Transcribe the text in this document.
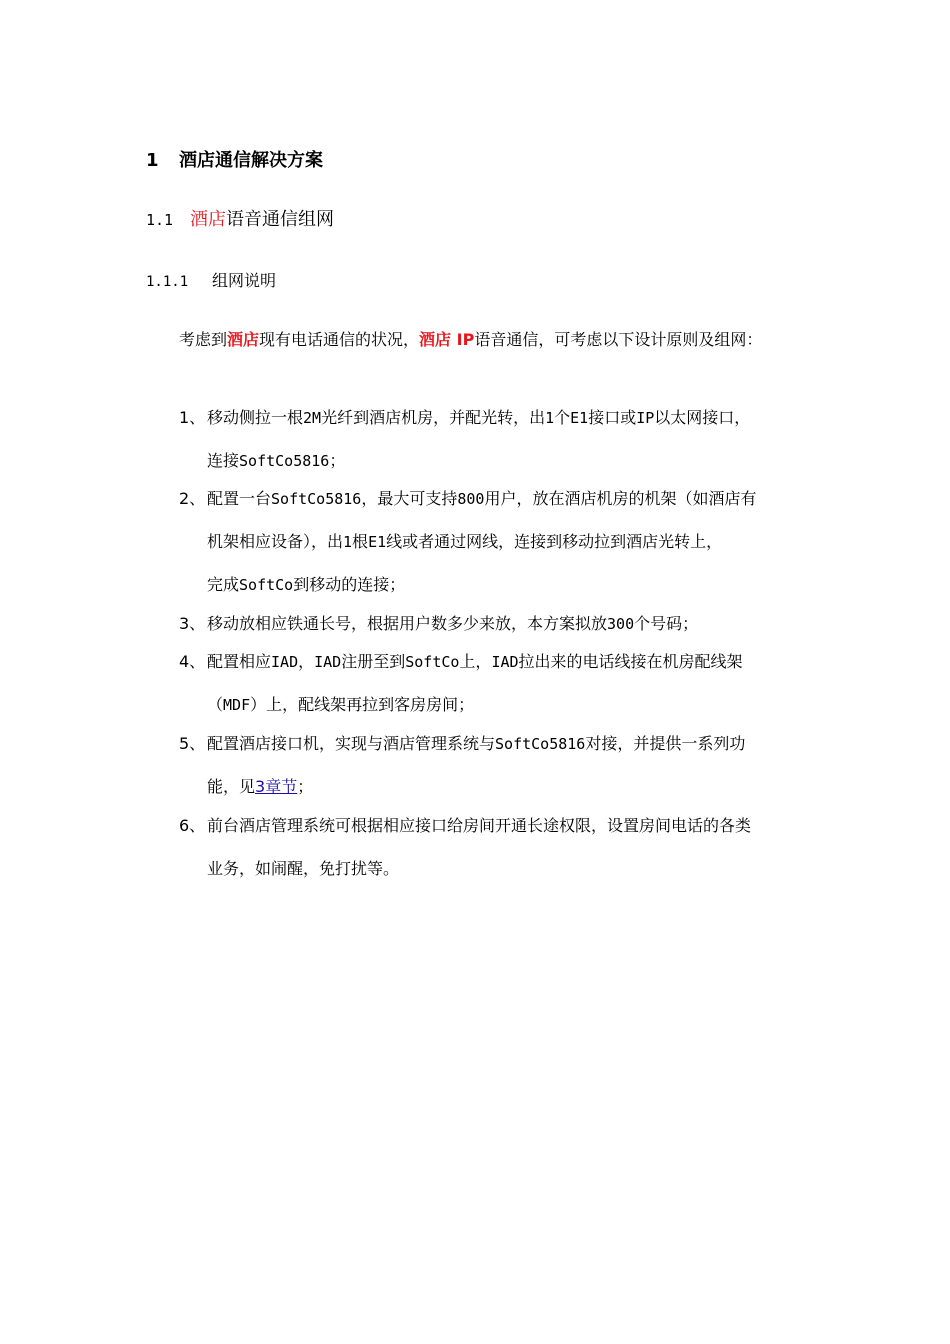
1 酒店通信解决方案
1.1 酒店语音通信组网
1.1.1 组网说明
考虑到酒店现有电话通信的状况，酒店 IP语音通信，可考虑以下设计原则及组网：
1、 移动侧拉一根2M光纤到酒店机房，并配光转，出1个E1接口或IP以太网接口，
连接SoftCo5816；
2、 配置一台SoftCo5816，最大可支持800用户，放在酒店机房的机架（如酒店有
机架相应设备），出1根E1线或者通过网线，连接到移动拉到酒店光转上，
完成SoftCo到移动的连接；
3、 移动放相应铁通长号，根据用户数多少来放，本方案拟放300个号码；
4、 配置相应IAD，IAD注册至到SoftCo上，IAD拉出来的电话线接在机房配线架
（MDF）上，配线架再拉到客房房间；
5、 配置酒店接口机，实现与酒店管理系统与SoftCo5816对接，并提供一系列功
能，见3章节；
6、 前台酒店管理系统可根据相应接口给房间开通长途权限，设置房间电话的各类
业务，如闹醒，免打扰等。
